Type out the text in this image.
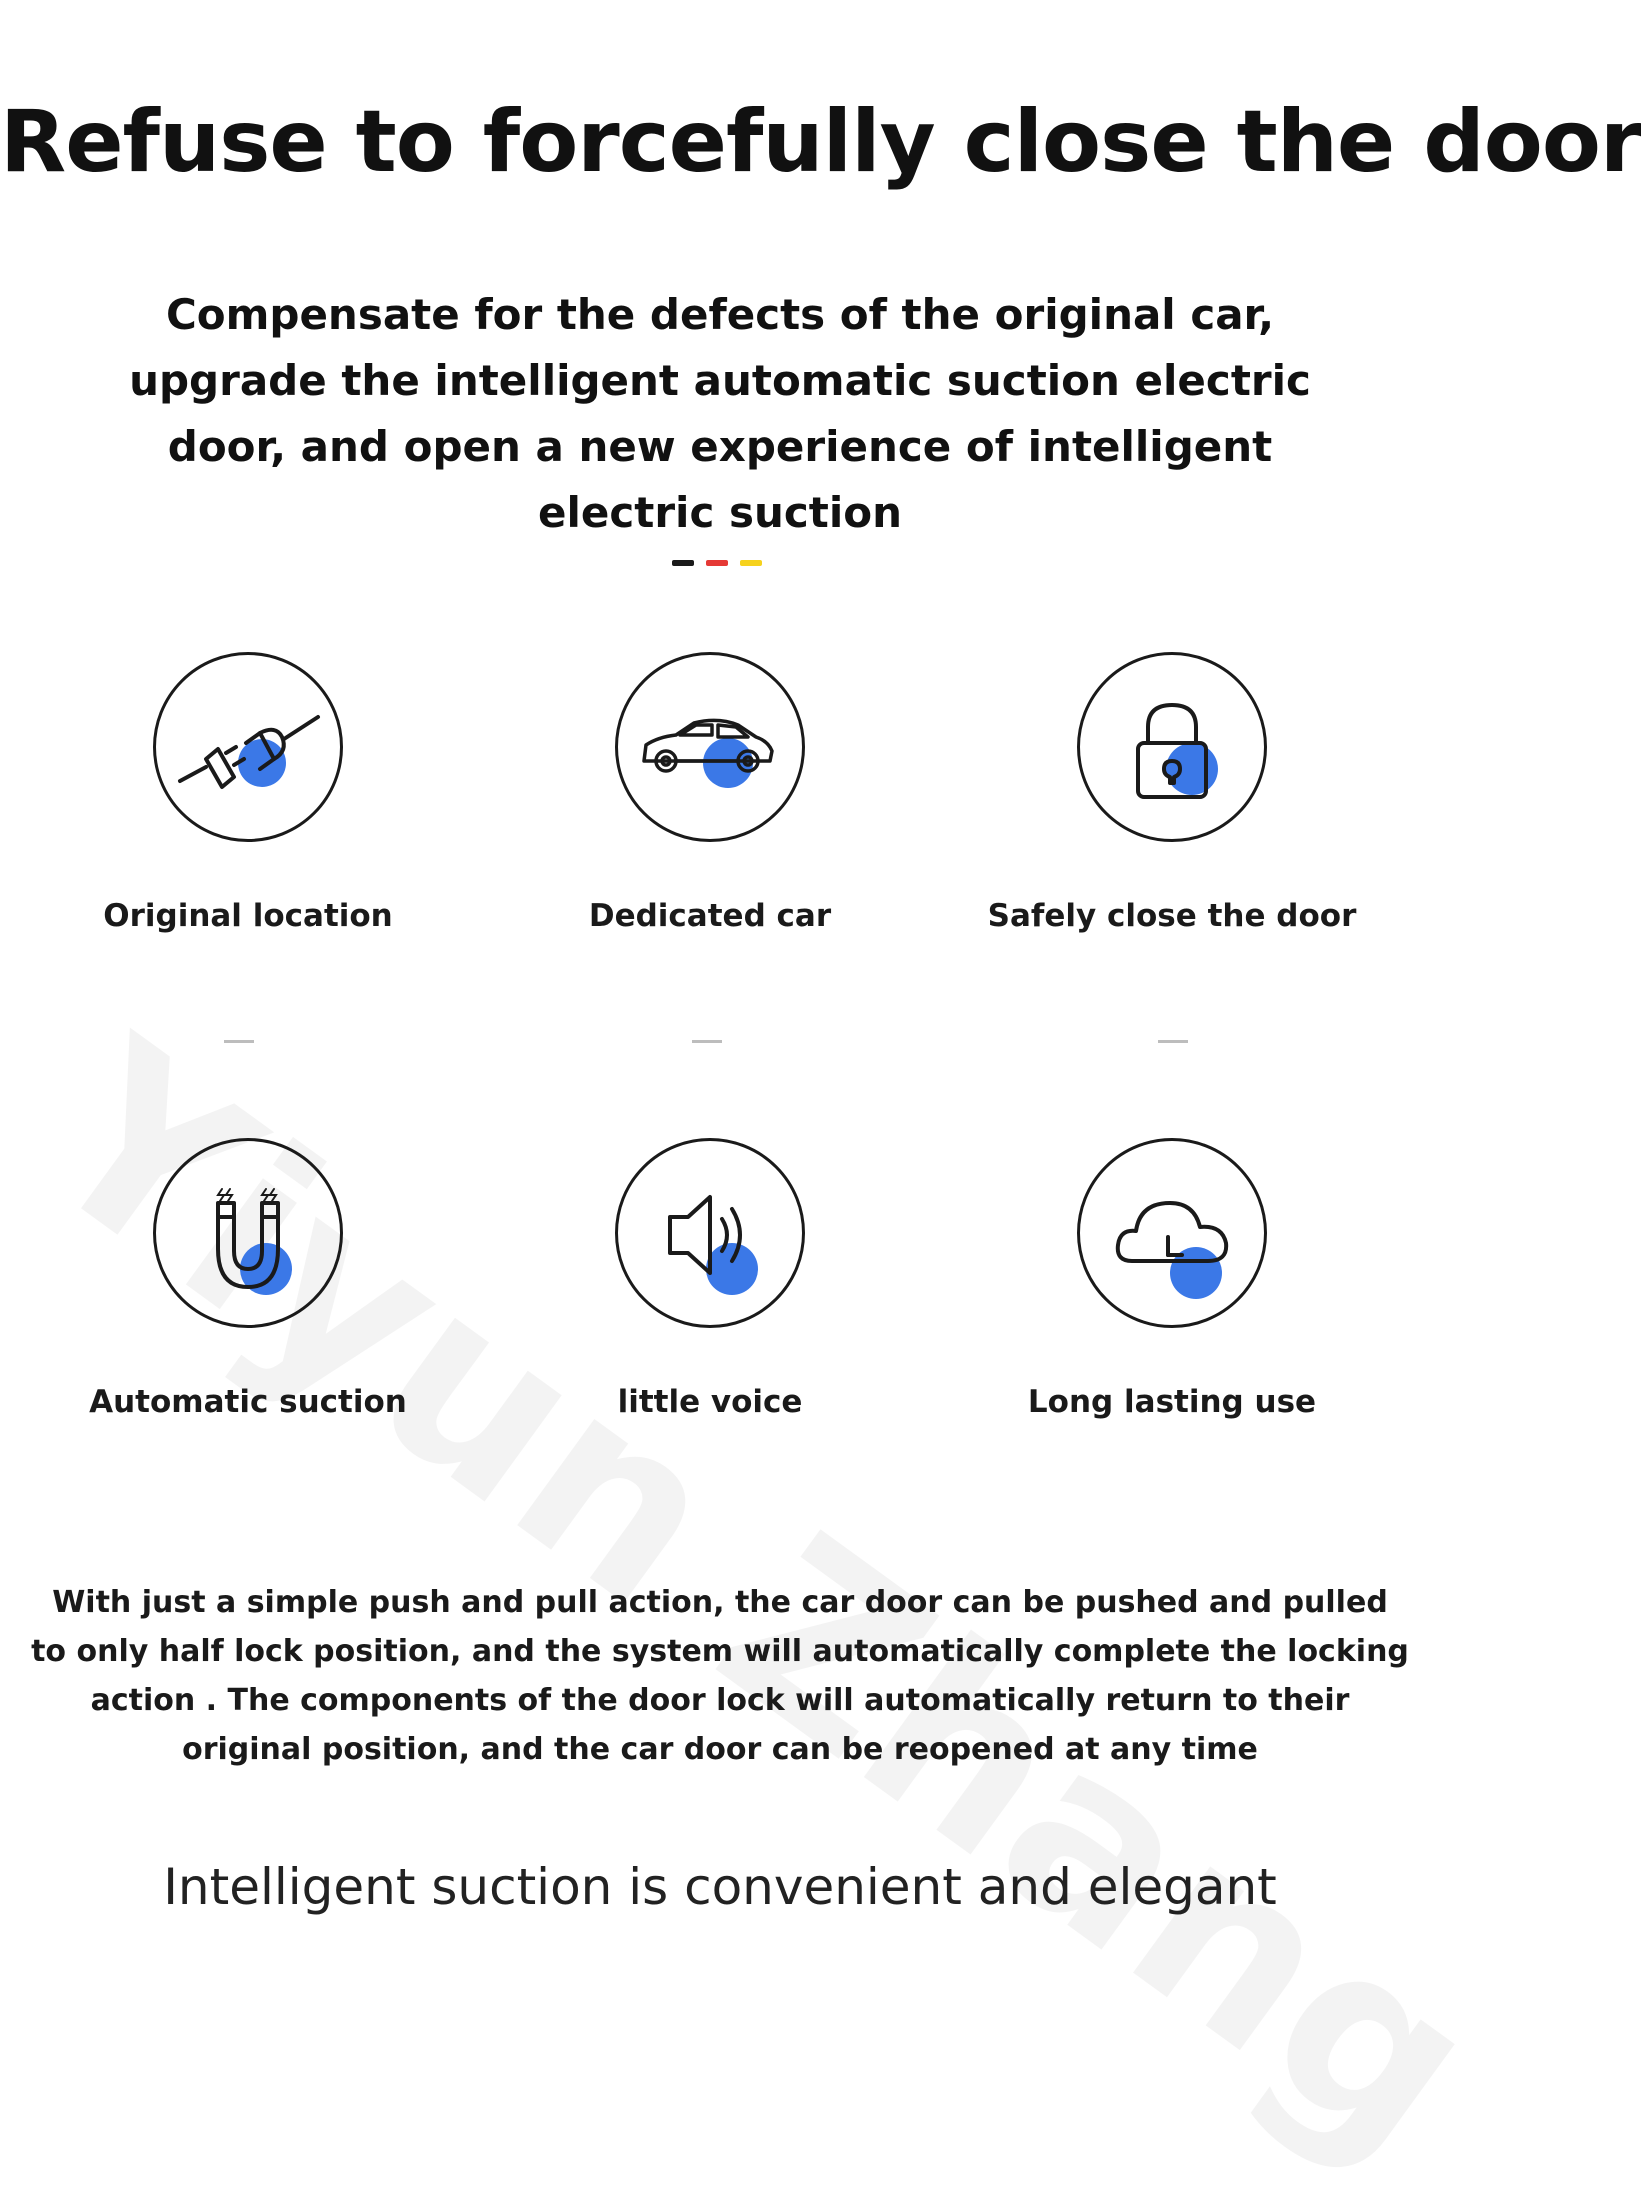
Refuse to forcefully close the door
Compensate for the defects of the original car, upgrade the intelligent automatic suction electric door, and open a new experience of intelligent electric suction
Original location	Dedicated car	Safely close the door
Automatic suction	little voice	Long lasting use
With just a simple push and pull action, the car door can be pushed and pulled to only half lock position, and the system will automatically complete the locking action . The components of the door lock will automatically return to their original position, and the car door can be reopened at any time
Intelligent suction is convenient and elegant
